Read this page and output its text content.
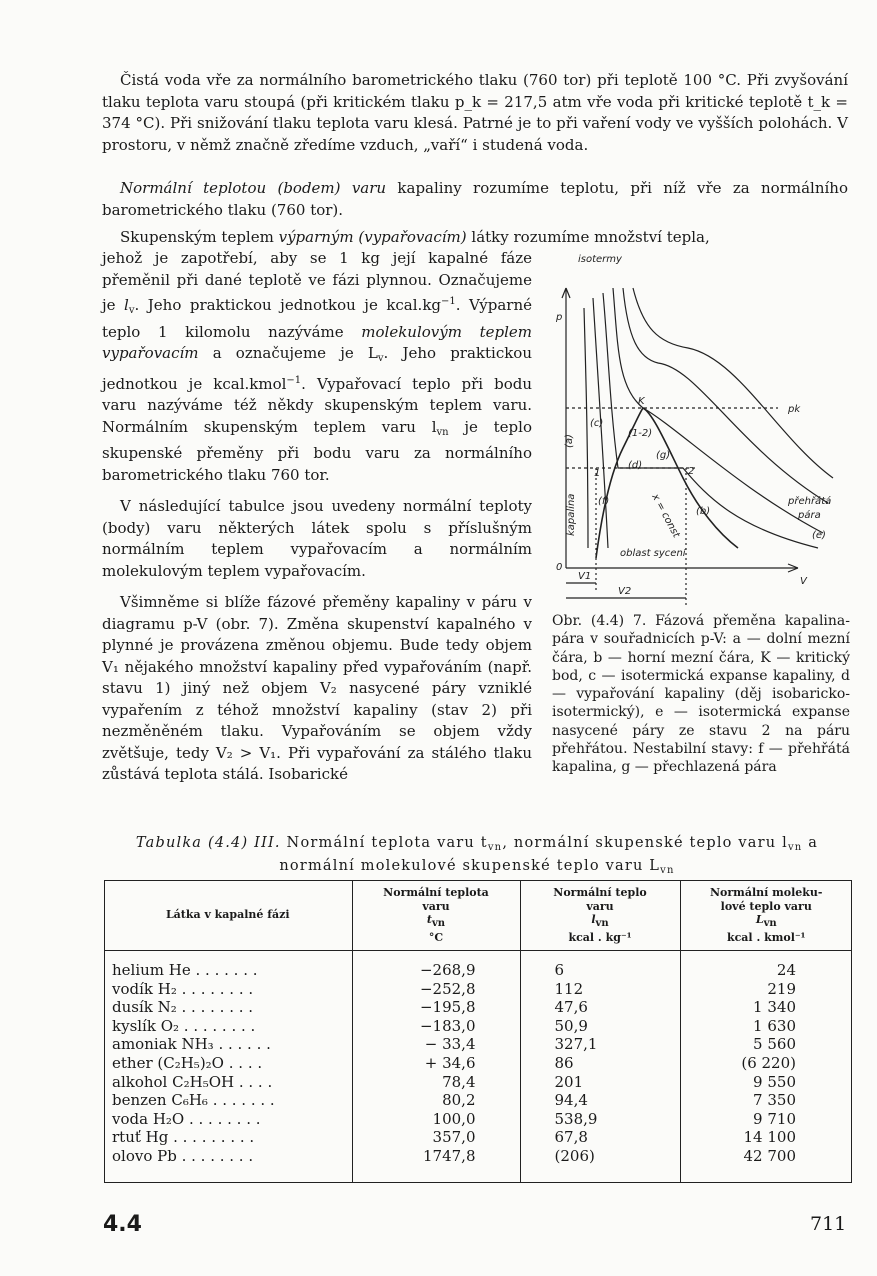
Čistá voda vře za normálního barometrického tlaku (760 tor) při teplotě 100 °C. Při zvyšování tlaku teplota varu stoupá (při kritickém tlaku p_k = 217,5 atm vře voda při kritické teplotě t_k = 374 °C). Při snižování tlaku teplota varu klesá. Patrné je to při vaření vody ve vyšších polohách. V prostoru, v němž značně zředíme vzduch, „vaří“ i studená voda.

Normální teplotou (bodem) varu kapaliny rozumíme teplotu, při níž vře za normálního barometrického tlaku (760 tor).

Skupenským teplem výparným (vypařovacím) látky rozumíme množství tepla,

jehož je zapotřebí, aby se 1 kg její kapalné fáze přeměnil při dané teplotě ve fázi plynnou. Označujeme je $l_v$. Jeho praktickou jednotkou je $kcal.kg^{-1}$. Výparné teplo 1 kilomolu nazýváme molekulovým teplem vypařovacím a označujeme je $L_v$. Jeho praktickou jednotkou je kcal.kmol$^{-1}$. Vypařovací teplo při bodu varu nazýváme též někdy skupenským teplem varu. Normálním skupenským teplem varu $l_{vn}$ je teplo skupenské přeměny při bodu varu za normálního barometrického tlaku 760 tor.

V následující tabulce jsou uvedeny normální teploty (body) varu některých látek spolu s příslušným normálním teplem vypařovacím a normálním molekulovým teplem vypařovacím.

Všimněme si blíže fázové přeměny kapaliny v páru v diagramu p-V (obr. 7). Změna skupenství kapalného v plynné je provázena změnou objemu. Bude tedy objem V₁ nějakého množství kapaliny před vypařováním (např. stavu 1) jiný než objem V₂ nasycené páry vzniklé vypařením z téhož množství kapaliny (stav 2) při nezměněném tlaku. Vypařováním se objem vždy zvětšuje, tedy V₂ > V₁. Při vypařování za stálého tlaku zůstává teplota stálá. Isobarické

isotermy
p
pk
K
(c)
(1-2)
(g)
(d)
1	2
(f)
(b)
přehřátá
pára
(e)
oblast sycení
0
V
V1
V2
kapalina	x = const
(a)

Obr. (4.4) 7. Fázová přeměna kapalina-pára v souřadnicích p-V: a — dolní mezní čára, b — horní mezní čára, K — kritický bod, c — isotermická expanse kapaliny, d — vypařování kapaliny (děj isobaricko-isotermický), e — isotermická expanse nasycené páry ze stavu 2 na páru přehřátou. Nestabilní stavy: f — přehřátá kapalina, g — přechlazená pára

Tabulka (4.4) III. Normální teplota varu $t_{vn}$, normální skupenské teplo varu $l_{vn}$ a normální molekulové skupenské teplo varu $L_{vn}$
Látka v kapalné fázi	Normální teplota
varu
tvn
°C	Normální teplo
varu
lvn
kcal . kg⁻¹	Normální moleku-
lové teplo varu
Lvn
kcal . kmol⁻¹

helium He . . . . . . .	−268,9	6	24
vodík H₂ . . . . . . . .	−252,8	112	219
dusík N₂ . . . . . . . .	−195,8	47,6	1 340
kyslík O₂ . . . . . . . .	−183,0	50,9	1 630
amoniak NH₃ . . . . . .	− 33,4	327,1	5 560
ether (C₂H₅)₂O . . . .	+ 34,6	86	(6 220)
alkohol C₂H₅OH . . . .	78,4	201	9 550
benzen C₆H₆ . . . . . . .	80,2	94,4	7 350
voda H₂O . . . . . . . .	100,0	538,9	9 710
rtuť Hg . . . . . . . . .	357,0	67,8	14 100
olovo Pb . . . . . . . .	1747,8	(206)	42 700
4.4	711
